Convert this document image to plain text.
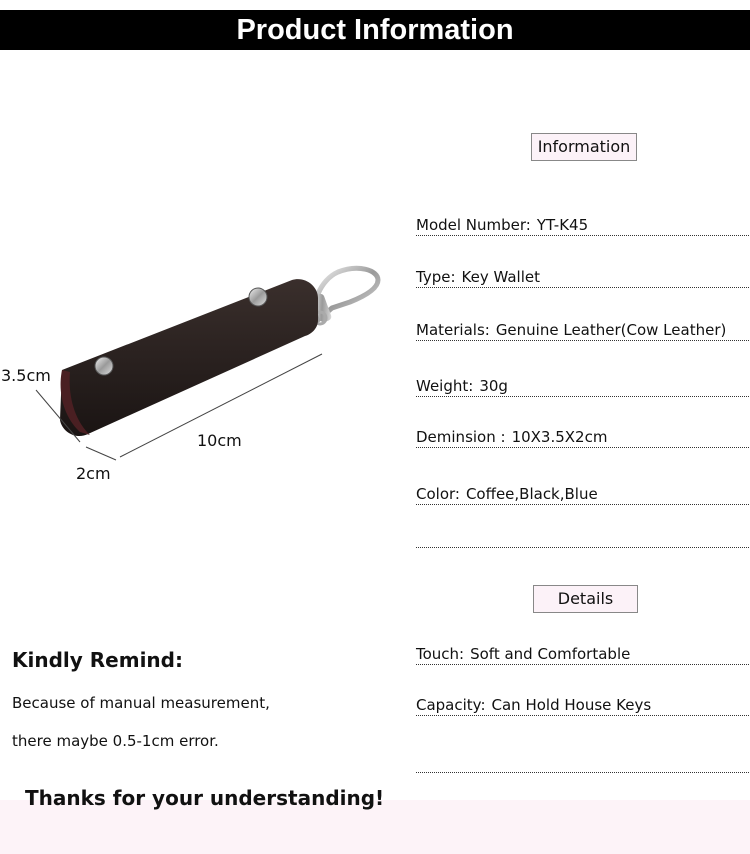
Product Information
3.5cm
10cm
2cm
Information
Model Number: YT-K45
Type: Key Wallet
Materials: Genuine Leather(Cow Leather)
Weight: 30g
Deminsion : 10X3.5X2cm
Color: Coffee,Black,Blue
Details
Touch: Soft and Comfortable
Capacity: Can Hold House Keys
Kindly Remind:
Because of manual measurement,
there maybe 0.5-1cm error.
Thanks for your understanding!
